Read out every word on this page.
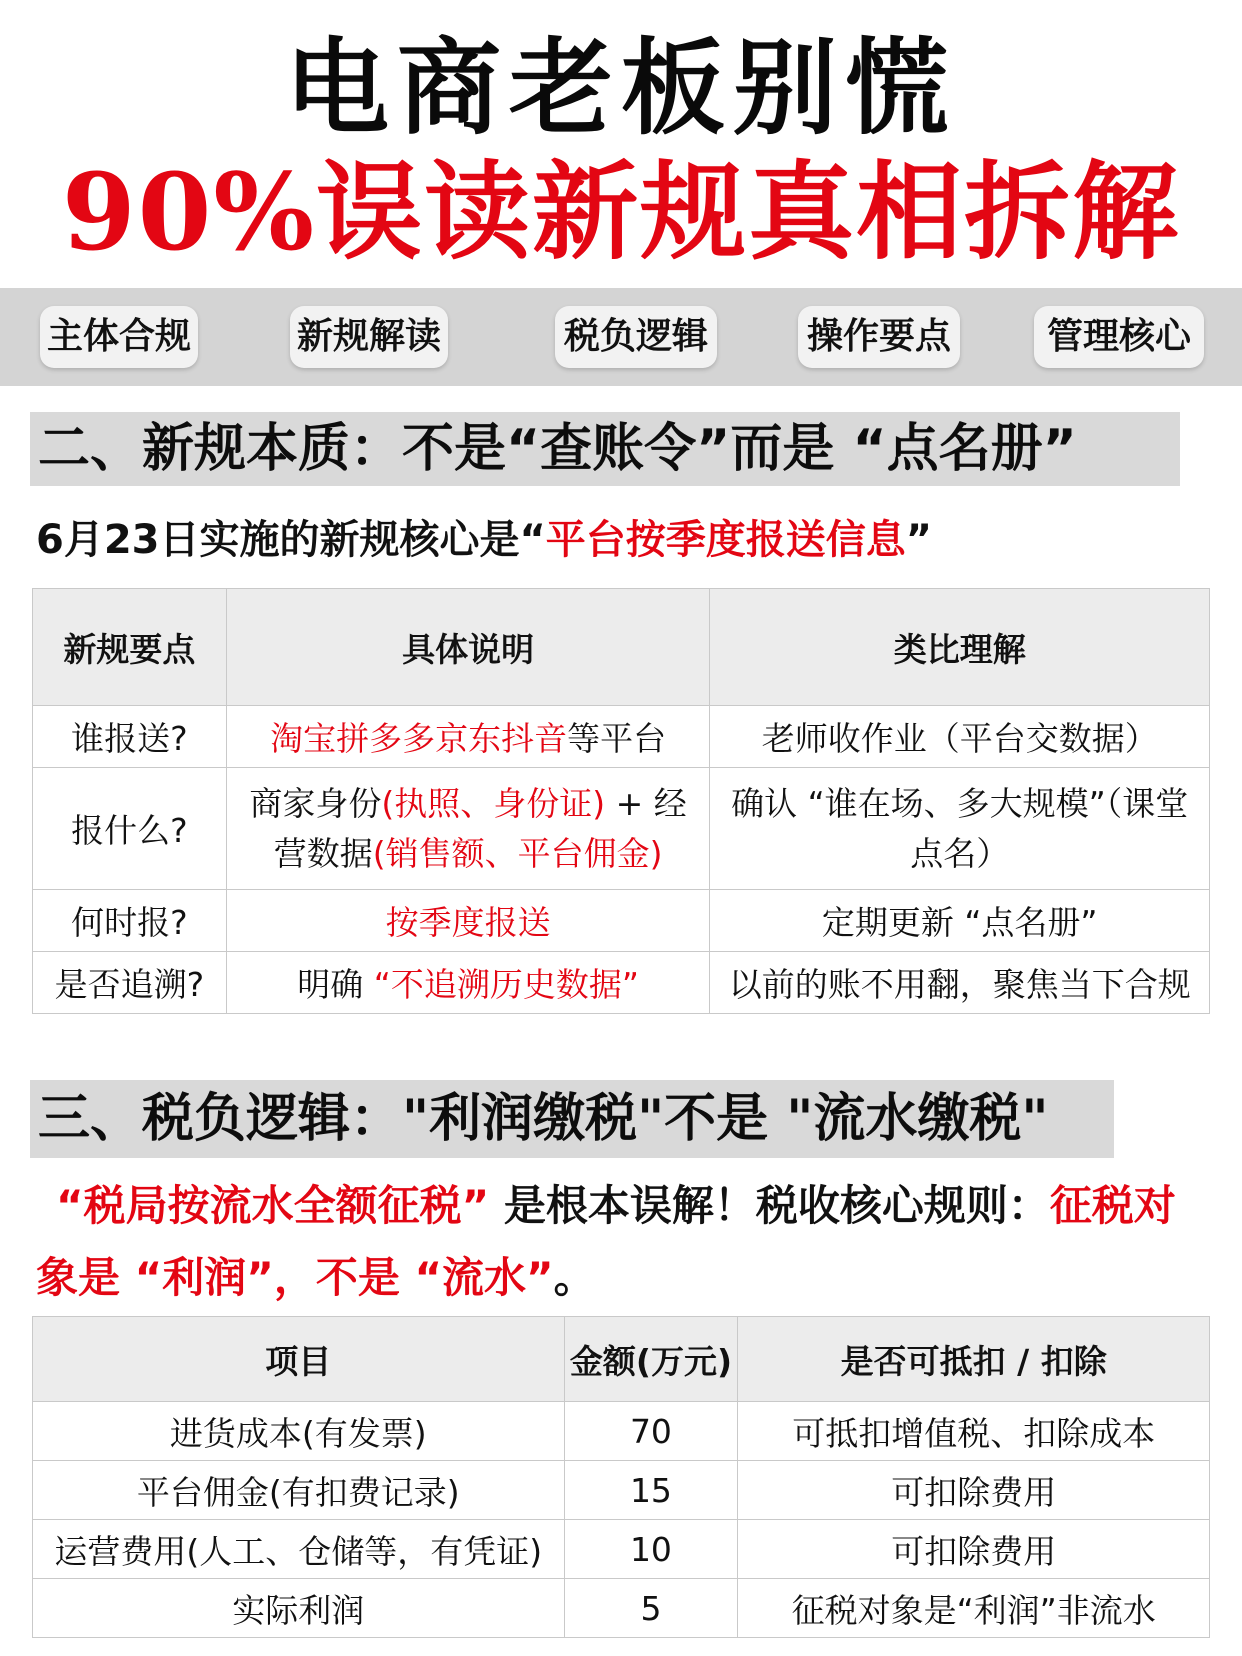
电商老板别慌
90%误读新规真相拆解
主体合规	新规解读	税负逻辑	操作要点	管理核心
二、新规本质：不是“查账令”而是 “点名册”
6月23日实施的新规核心是“平台按季度报送信息”
新规要点	具体说明	类比理解
谁报送?	淘宝拼多多京东抖音等平台	老师收作业（平台交数据）
报什么?	商家身份(执照、身份证) + 经营数据(销售额、平台佣金)	确认 “谁在场、多大规模”（课堂点名）
何时报?	按季度报送	定期更新 “点名册”
是否追溯?	明确 “不追溯历史数据”	以前的账不用翻，聚焦当下合规
三、税负逻辑："利润缴税"不是 "流水缴税"
“税局按流水全额征税” 是根本误解！税收核心规则：征税对象是 “利润”，不是 “流水”。
项目	金额(万元)	是否可抵扣 / 扣除
进货成本(有发票)	70	可抵扣增值税、扣除成本
平台佣金(有扣费记录)	15	可扣除费用
运营费用(人工、仓储等，有凭证)	10	可扣除费用
实际利润	5	征税对象是“利润”非流水
